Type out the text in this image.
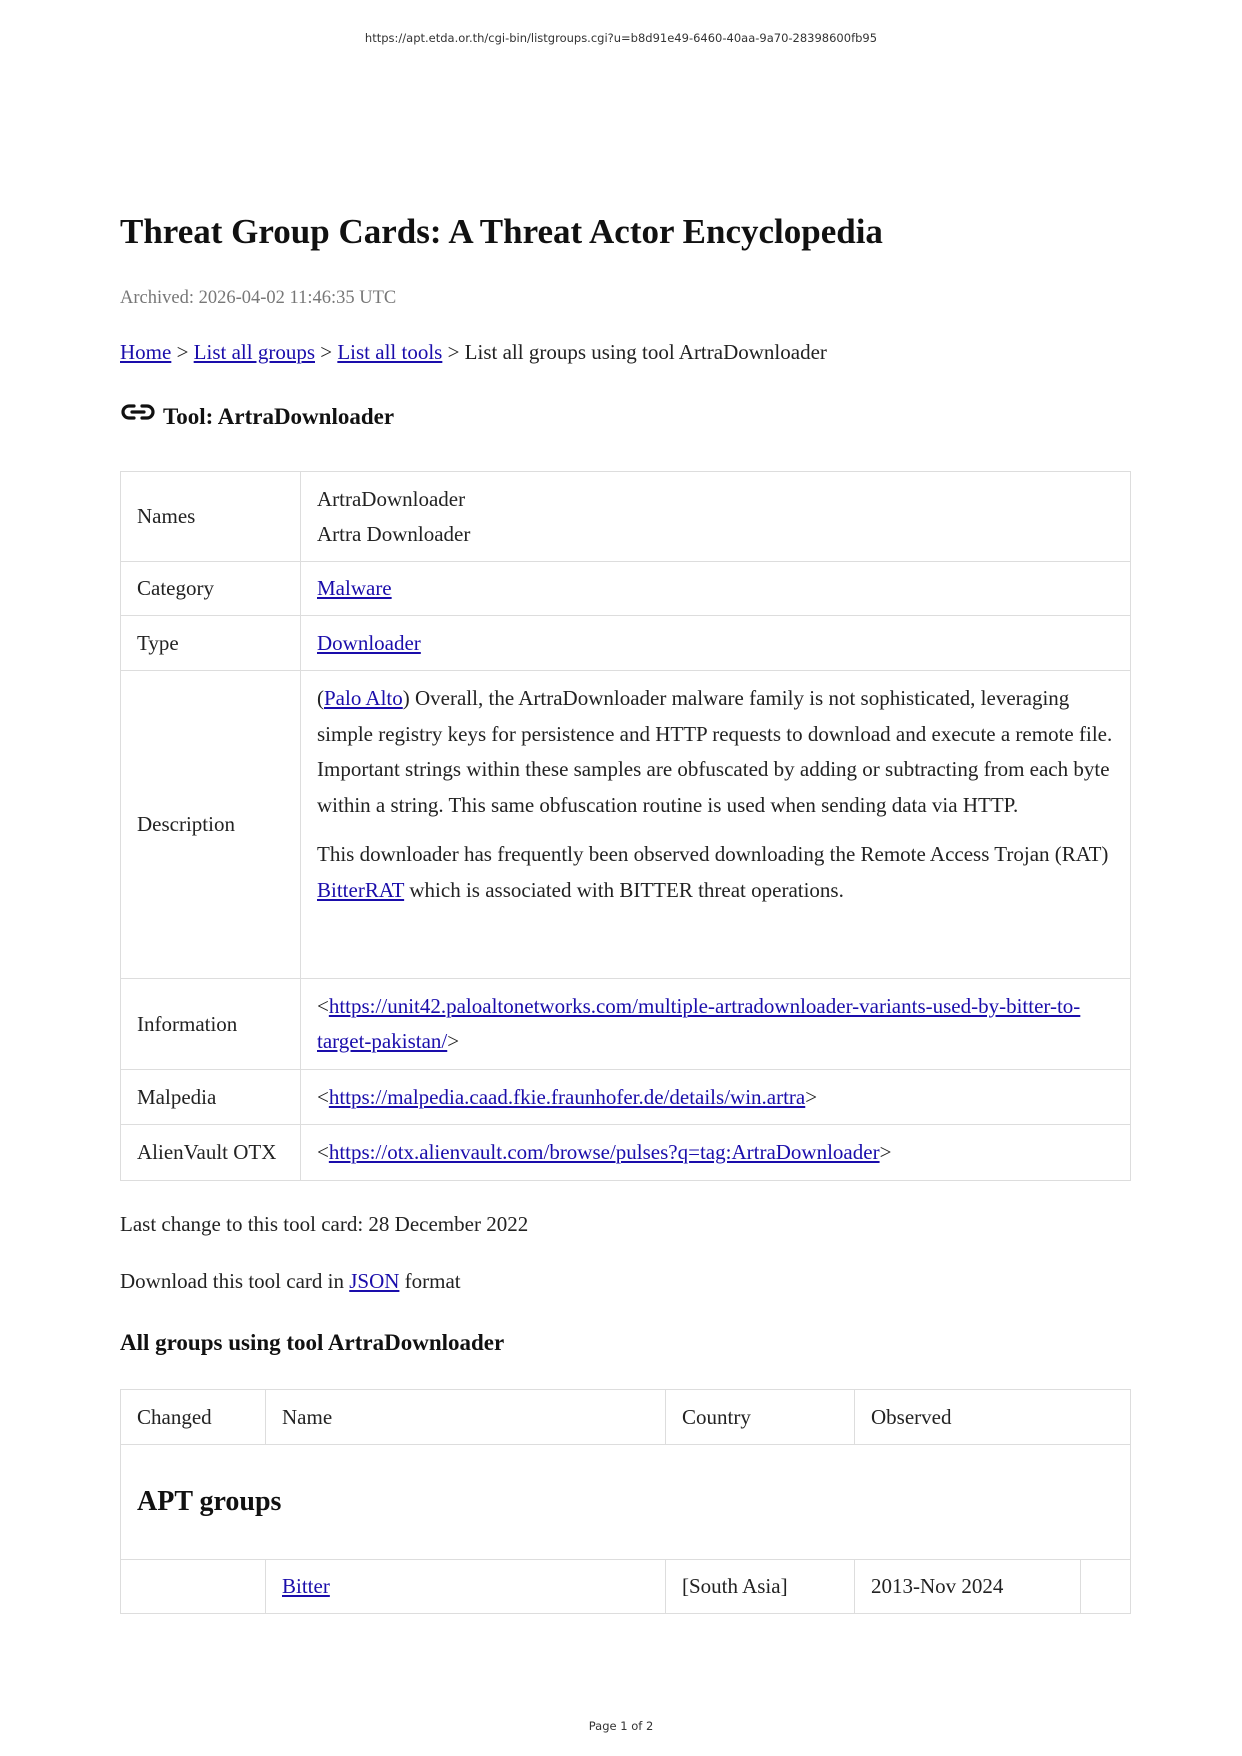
https://apt.etda.or.th/cgi-bin/listgroups.cgi?u=b8d91e49-6460-40aa-9a70-28398600fb95
Threat Group Cards: A Threat Actor Encyclopedia
Archived: 2026-04-02 11:46:35 UTC
Home > List all groups > List all tools > List all groups using tool ArtraDownloader
Tool: ArtraDownloader
Names	ArtraDownloader
Artra Downloader

Category	Malware
Type	Downloader
Description	(Palo Alto) Overall, the ArtraDownloader malware family is not sophisticated, leveraging simple registry keys for persistence and HTTP requests to download and execute a remote file. Important strings within these samples are obfuscated by adding or subtracting from each byte within a string. This same obfuscation routine is used when sending data via HTTP.

This downloader has frequently been observed downloading the Remote Access Trojan (RAT) BitterRAT which is associated with BITTER threat operations.

Information	<https://unit42.paloaltonetworks.com/multiple-artradownloader-variants-used-by-bitter-to-target-pakistan/>
Malpedia	<https://malpedia.caad.fkie.fraunhofer.de/details/win.artra>
AlienVault OTX	<https://otx.alienvault.com/browse/pulses?q=tag:ArtraDownloader>
Last change to this tool card: 28 December 2022
Download this tool card in JSON format
All groups using tool ArtraDownloader
Changed	Name	Country	Observed	
APT groups				
	Bitter	[South Asia]	2013-Nov 2024	
Page 1 of 2
